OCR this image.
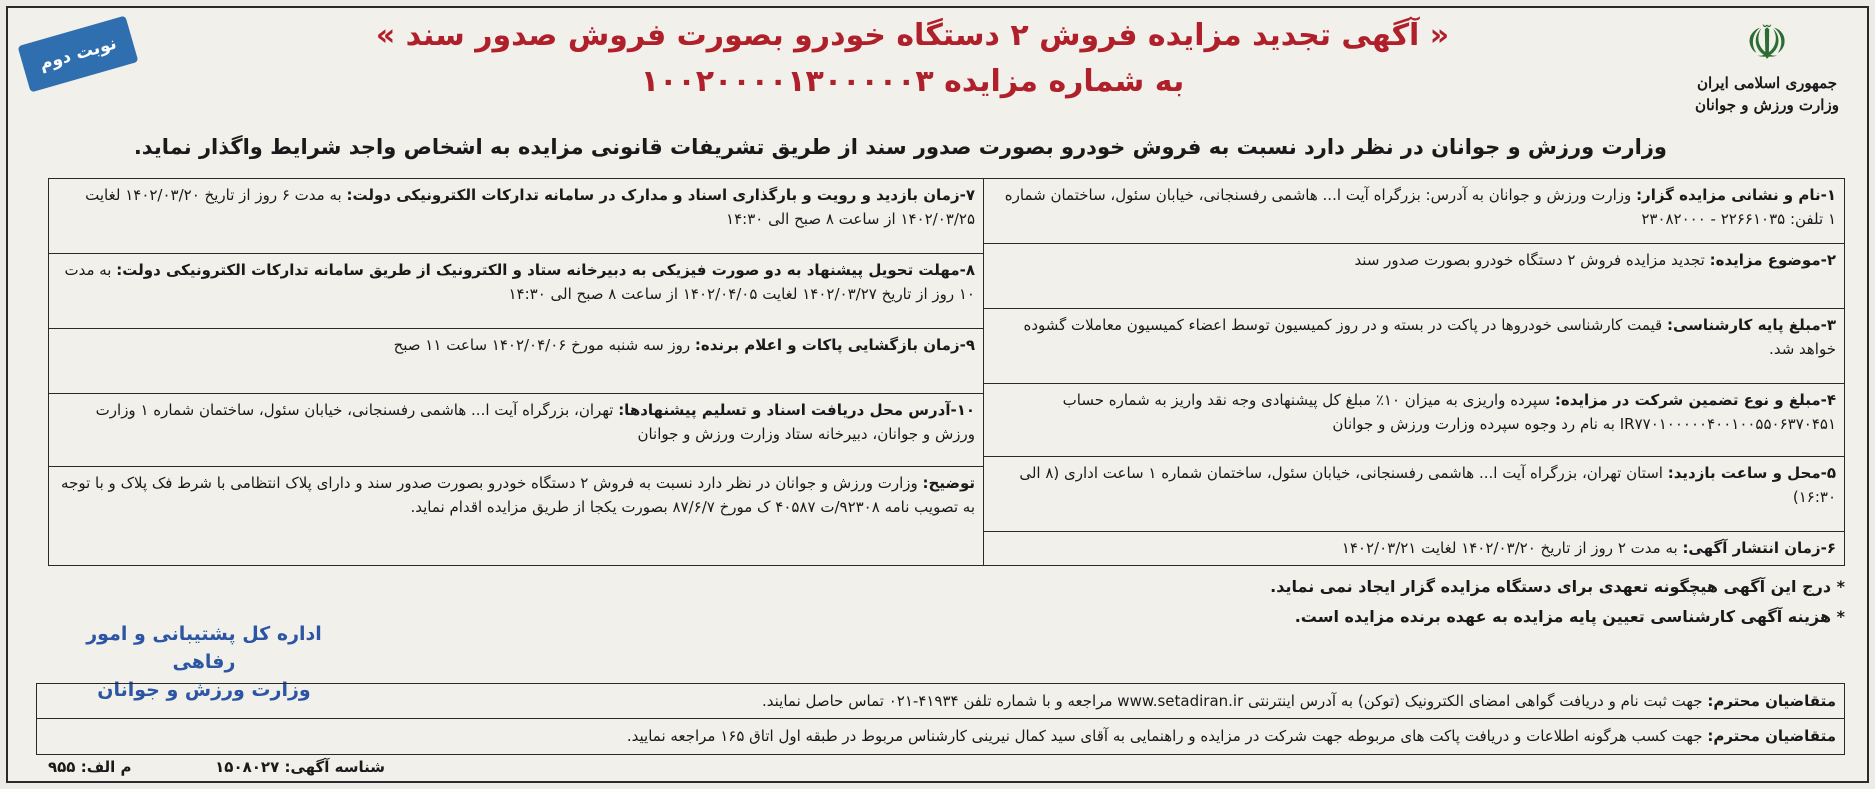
☫
جمهوری اسلامی ایران
وزارت ورزش و جوانان
نوبت دوم	« آگهی تجدید مزایده فروش ۲ دستگاه خودرو بصورت فروش صدور سند »
به شماره مزایده ۱۰۰۲۰۰۰۰۱۳۰۰۰۰۰۳
وزارت ورزش و جوانان در نظر دارد نسبت به فروش خودرو بصورت صدور سند از طریق تشریفات قانونی مزایده به اشخاص واجد شرایط واگذار نماید.
۱-نام و نشانی مزایده گزار: وزارت ورزش و جوانان به آدرس: بزرگراه آیت ا... هاشمی رفسنجانی، خیابان سئول، ساختمان شماره ۱ تلفن: ۲۲۶۶۱۰۳۵ - ۲۳۰۸۲۰۰۰
۲-موضوع مزایده: تجدید مزایده فروش ۲ دستگاه خودرو بصورت صدور سند
۳-مبلغ پایه کارشناسی: قیمت کارشناسی خودروها در پاکت در بسته و در روز کمیسیون توسط اعضاء کمیسیون معاملات گشوده خواهد شد.
۴-مبلغ و نوع تضمین شرکت در مزایده: سپرده واریزی به میزان ۱۰٪ مبلغ کل پیشنهادی وجه نقد واریز به شماره حساب IR۷۷۰۱۰۰۰۰۰۴۰۰۱۰۰۵۵۰۶۳۷۰۴۵۱ به نام رد وجوه سپرده وزارت ورزش و جوانان
۵-محل و ساعت بازدید: استان تهران، بزرگراه آیت ا... هاشمی رفسنجانی، خیابان سئول، ساختمان شماره ۱ ساعت اداری (۸ الی ۱۶:۳۰)
۶-زمان انتشار آگهی: به مدت ۲ روز از تاریخ ۱۴۰۲/۰۳/۲۰ لغایت ۱۴۰۲/۰۳/۲۱
۷-زمان بازدید و رویت و بارگذاری اسناد و مدارک در سامانه تدارکات الکترونیکی دولت: به مدت ۶ روز از تاریخ ۱۴۰۲/۰۳/۲۰ لغایت ۱۴۰۲/۰۳/۲۵ از ساعت ۸ صبح الی ۱۴:۳۰
۸-مهلت تحویل پیشنهاد به دو صورت فیزیکی به دبیرخانه ستاد و الکترونیک از طریق سامانه تدارکات الکترونیکی دولت: به مدت ۱۰ روز از تاریخ ۱۴۰۲/۰۳/۲۷ لغایت ۱۴۰۲/۰۴/۰۵ از ساعت ۸ صبح الی ۱۴:۳۰
۹-زمان بازگشایی پاکات و اعلام برنده: روز سه شنبه مورخ ۱۴۰۲/۰۴/۰۶ ساعت ۱۱ صبح
۱۰-آدرس محل دریافت اسناد و تسلیم پیشنهادها: تهران، بزرگراه آیت ا... هاشمی رفسنجانی، خیابان سئول، ساختمان شماره ۱ وزارت ورزش و جوانان، دبیرخانه ستاد وزارت ورزش و جوانان
توضیح: وزارت ورزش و جوانان در نظر دارد نسبت به فروش ۲ دستگاه خودرو بصورت صدور سند و دارای پلاک انتظامی با شرط فک پلاک و با توجه به تصویب نامه ۹۲۳۰۸/ت ۴۰۵۸۷ ک مورخ ۸۷/۶/۷ بصورت یکجا از طریق مزایده اقدام نماید.
* درج این آگهی هیچگونه تعهدی برای دستگاه مزایده گزار ایجاد نمی نماید.
* هزینه آگهی کارشناسی تعیین پایه مزایده به عهده برنده مزایده است.
اداره کل پشتیبانی و امور رفاهی
وزارت ورزش و جوانان	متقاضیان محترم: جهت ثبت نام و دریافت گواهی امضای الکترونیک (توکن) به آدرس اینترنتی www.setadiran.ir مراجعه و با شماره تلفن ۴۱۹۳۴-۰۲۱ تماس حاصل نمایند.
متقاضیان محترم: جهت کسب هرگونه اطلاعات و دریافت پاکت های مربوطه جهت شرکت در مزایده و راهنمایی به آقای سید کمال نیرینی کارشناس مربوط در طبقه اول اتاق ۱۶۵ مراجعه نمایید.
شناسه آگهی: ۱۵۰۸۰۲۷
م الف: ۹۵۵
